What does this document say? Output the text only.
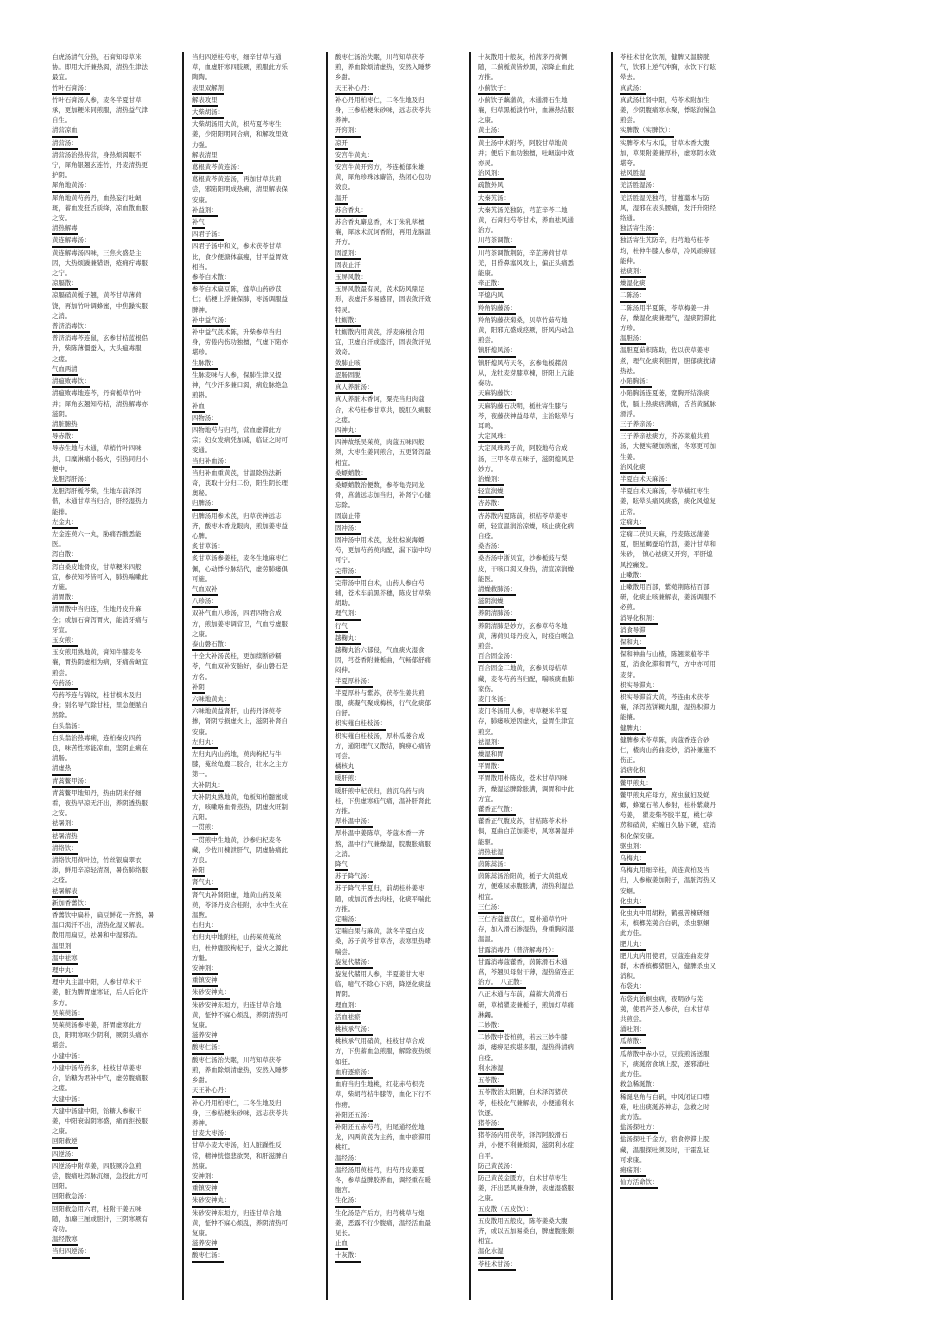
白虎汤清气分热，石膏知母草米
协。即用大汗兼热渴，清热生津法
最宜。
竹叶石膏汤：
竹叶石膏汤人参，麦冬半夏甘草
承，更加粳米同煎服，清热益气津
自生。
清营凉血
清营汤：
清营汤治热传营，身热烦渴眠不
宁，犀角银翘玄连竹，丹麦清热更
护阴。
犀角地黄汤：
犀角地黄芍药丹，血热妄行吐衄
斑，蓄血发狂舌质绛，凉血散血服
之安。
清热解毒
黄连解毒汤：
黄连解毒汤四味，三焦火盛是主
因，大热烦躁兼错语，疮痈疔毒服
之宁。
凉膈散：
凉膈硝黄栀子翘，黄芩甘草薄荷
饶，再加竹叶调蜂蜜，中焦躁实服
之消。
普济消毒饮：
普济消毒芩连鼠，玄参甘桔蓝根侣
升，柴陈薄僵蚕入，大头瘟毒服
之瘥。
气血两清
清瘟败毒饮：
清瘟败毒地连芩，丹膏栀草竹叶
并；犀角玄翘知芍桔，清热解毒亦
滋阴。
清脏腑热
导赤散：
导赤生地与木通，草梢竹叶四味
共，口糜淋痛小肠火，引热同归小
便中。
龙胆泻肝汤：
龙胆泻肝栀芩柴，生地车前泽泻
偕，木通甘草当归合，肝经湿热力
能排。
左金丸：
左金连萸六一丸，胁痛吞酸悉能
医。
泻白散：
泻白桑皮地骨皮，甘草粳米四般
宜，参茯知芩皆可入，肺热喘嗽此
方施。
清胃散：
清胃散中当归连，生地丹皮升麻
全；或加石膏泻胃火，能消牙痛与
牙宣。
玉女煎：
玉女煎用熟地黄，膏知牛膝麦冬
襄，胃热阴虚相为病，牙痛齿衄宜
煎尝。
芍药汤：
芍药芩连与锦纹，桂甘槟木及归
身；别名导气除甘桂，里急便脓自
然除。
白头翁汤：
白头翁治热毒痢，连柏秦皮四药
良，味苦性寒能凉血，坚阴止痢在
清肠。
清虚热
青蒿鳖甲汤：
青蒿鳖甲地知丹，热由阴来仔细
看，夜热早凉无汗出，养阴透热服
之安。
祛暑剂：
祛暑清热
清络饮：
清络饮用荷叶边，竹丝银扁翠衣
添，鲜用辛凉轻清剂，暑伤肺络服
之痊。
祛暑解表
新加香薷饮：
香薷饮中扁朴，扁豆鲜花一齐熬，暑
温口渴汗不出，清热化湿又解表。
散用用扁豆，祛暑和中湿邪消。
温里剂
温中祛寒
理中丸：
理中丸主温中阳，人参甘草术干
姜，脏为脾胃虚寒证，后人后化许
多方。
吴茱萸汤：
吴茱萸汤参枣姜，肝胃虚寒此方
良，阳明寒呕少阴利，厥阴头痛亦
堪尝。
小建中汤：
小建中汤芍药多，桂枝甘草姜枣
合，饴糖为君补中气，虚劳腹痛服
之瘥。
大建中汤：
大建中汤建中阳，饴糖人参椒干
姜，中阳衰弱阴寒盛，痛而拒按服
之康。
回阳救逆
四逆汤：
四逆汤中附草姜，四肢厥冷急煎
尝，腹痛吐泻脉沉细，急投此方可
回阳。
回阳救急汤：
回阳救急用六君，桂附干姜五味
随，加麝三厘或胆汁，三阴寒厥有
奇功。
温经散寒
当归四逆汤：
当归四逆桂芍枣，细辛甘草与通
草，血虚肝寒四肢厥，煎服此方乐
陶陶。
表里双解剂
解表攻里
大柴胡汤：
大柴胡汤用大黄，枳芍夏芩枣生
姜，少阳阳明同合病，和解攻里效
力强。
解表清里
葛根黄芩黄连汤：
葛根黄芩黄连汤，再加甘草共煎
尝，邪陷阳明成热痢，清里解表保
安康。
补益剂：
补气
四君子汤：
四君子汤中和义，参术茯苓甘草
比，食少便溏体羸瘦，甘平益胃效
相当。
参苓白术散：
参苓白术扁豆陈，莲草山药砂苡
仁；桔梗上浮兼保肺，枣汤调服益
脾神。
补中益气汤：
补中益气芪术陈，升柴参草当归
身，劳倦内伤功独擅，气虚下陷亦
堪珍。
生脉散：
生脉麦味与人参，保肺生津又提
神，气少汗多兼口渴，病危脉绝急
煎斟。
补血
四物汤：
四物地芍与归芎，营血虚滞此方
宗；妇女发病凭加减，临证之时可
变通。
当归补血汤：
当归补血重黄芪，甘温除热法新
奇，芪取十分归二份，阳生阴长理
奥秘。
归脾汤：
归脾汤用参术芪，归草茯神远志
齐，酸枣木香龙眼肉，煎加姜枣益
心脾。
炙甘草汤：
炙甘草汤参姜桂，麦冬生地麻枣仁
佩，心动悸兮脉结代，虚劳肺痿俱
可施。
气血双补
八珍汤：
双补气血八珍汤，四君四物合成
方，煎加姜枣调营卫，气血亏虚服
之康。
泰山磐石散：
十全大补汤芪桂，更加续断砂糯
苓，气血双补安胎好，泰山磐石是
方名。
补阴
六味地黄丸：
六味地黄益肾肝，山药丹泽萸苓
掺，肾阴亏损虚火上，滋阴补肾自
安康。
左归丸：
左归丸内山药地，萸肉枸杞与牛
膝，菟丝龟鹿二胶合，壮水之主方
第一。
大补阴丸：
大补阴丸熟地黄，龟板知柏髓蜜成
方，咳嗽咯血骨蒸热，阴虚火旺制
亢阳。
一贯煎：
一贯煎中生地黄，沙参归杞麦冬
藏，少佐川楝泄肝气，阴虚胁痛此
方良。
补阳
肾气丸：
肾气丸补肾阳虚，地黄山药及茱
萸，苓泽丹皮合桂附，水中生火在
温煦。
右归丸：
右归丸中地附桂，山药茱萸菟丝
归，杜仲鹿胶枸杞子，益火之源此
方魁。
安神剂：
重镇安神
朱砂安神丸：
朱砂安神东垣方，归连甘草合地
黄，怔忡不寐心烦乱，养阴清热可
复康。
滋养安神
酸枣仁汤：
酸枣仁汤治失眠，川芎知草茯苓
煎，养血除烦清虚热，安然入睡梦
乡甜。
天王补心丹：
补心丹用柏枣仁，二冬生地及归
身，三参桔梗朱砂味，远志茯苓共
养神。
甘麦大枣汤：
甘草小麦大枣汤，妇人脏躁性反
常，精神恍惚悲欲哭，和肝滋脾自
然康。
安神剂：
重镇安神
朱砂安神丸：
朱砂安神东垣方，归连甘草合地
黄，怔忡不寐心烦乱，养阴清热可
复康。
滋养安神
酸枣仁汤：
酸枣仁汤治失眠，川芎知草茯苓
煎，养血除烦清虚热，安然入睡梦
乡甜。
天王补心丹：
补心丹用柏枣仁，二冬生地及归
身，三参桔梗朱砂味，远志茯苓共
养神。
开窍剂：
凉开
安宫牛黄丸：
安宫牛黄开窍方，芩连栀郁朱雄
黄，犀角珍珠冰麝箔，热闭心包功
效良。
温开
苏合香丸：
苏合香丸麝息香，木丁朱乳荜檀
襄，犀冰术沉诃香附，再用龙脑温
开方。
固涩剂：
固表止汗
玉屏风散：
玉屏风散最有灵，芪术防风鼎足
形，表虚汗多易感冒，固表敛汗效
特灵。
牡蛎散：
牡蛎散内用黄芪，浮麦麻根合用
宜，卫虚自汗或盗汗，固表敛汗见
效奇。
敛肺止咳
涩肠固脱
真人养脏汤：
真人养脏木香诃，粟壳当归肉蔻
合，术芍桂参甘草共，脱肛久痢服
之瘥。
四神丸：
四神故纸吴茱萸，肉蔻五味四般
须，大枣生姜同煎合，五更肾泻最
相宜。
桑螵蛸散：
桑螵蛸散治便数，参苓龟壳同龙
骨，菖蒲远志加当归，补肾宁心健
忘除。
固崩止带
固冲汤：
固冲汤中用术芪，龙牡棕炭海螵
芍，更加芍药萸肉配，漏下崩中均
可宁。
完带汤：
完带汤中用白术，山药人参白芍
辅，苍术车前黑芥穗，陈皮甘草柴
胡助。
理气剂：
行气
越鞠丸：
越鞠丸治六郁侵，气血痰火湿食
因，芎苍香附兼栀曲，气畅郁舒痛
闷伸。
半夏厚朴汤：
半夏厚朴与紫苏，茯苓生姜共煎
服，痰凝气聚成梅核，行气化痰郁
自舒。
枳实薤白桂枝汤：
枳实薤白桂枝汤，厚朴瓜蒌合成
方，通阳理气又散结，胸痹心痛皆
可尝。
橘核丸
暖肝煎：
暖肝煎中杞茯归，茴沉乌药与肉
桂，下焦虚寒疝气痛，温补肝肾此
方推。
厚朴温中汤：
厚朴温中姜陈草，苓蔻木香一齐
熬，温中行气兼燥湿，脘腹胀痛服
之消。
降气
苏子降气汤：
苏子降气半夏归，前胡桂朴姜枣
随，或加沉香去肉桂，化痰平喘此
方推。
定喘汤：
定喘白果与麻黄，款冬半夏白皮
桑，苏子黄芩甘草杏，表寒里热哮
喘尝。
旋复代赭汤：
旋复代赭用人参，半夏姜甘大枣
临，噫气不除心下痞，降逆化痰益
胃阴。
理血剂：
活血祛瘀
桃核承气汤：
桃核承气用硝黄，桂枝甘草合成
方，下焦蓄血急煎服，解除夜热烦
如狂。
血府逐瘀汤：
血府当归生地桃，红花赤芍枳壳
草，柴胡芎桔牛膝等，血化下行不
作痨。
补阳还五汤：
补阳还五赤芍芎，归尾通经佐地
龙，四两黄芪为主药，血中瘀滞用
桃红。
温经汤：
温经汤用萸桂芎，归芍丹皮姜夏
冬，参草益脾胶养血，调经重在暖
胞宫。
生化汤：
生化汤是产后方，归芎桃草与炮
姜，恶露不行少腹痛，温经活血最
见长。
止血
十灰散：
十灰散用十般灰，柏茜茅丹荷侧
随，二蓟栀黄皆炒黑，凉降止血此
方推。
小蓟饮子：
小蓟饮子藕蒲黄，木通滑石生地
襄，归草黑栀淡竹叶，血淋热结服
之康。
黄土汤：
黄土汤中术附芩，阿胶甘草地黄
并；便后下血功独擅，吐衄崩中效
亦灵。
治风剂：
疏散外风
大秦艽汤：
大秦艽汤羌独防，芎芷辛芩二地
黄，石膏归芍苓甘术，养血祛风通
治方。
川芎茶调散：
川芎茶调散荆防，辛芷薄荷甘草
羌，目昏鼻塞风攻上，偏正头痛悉
能康。
牵正散：
平熄内风
羚角钩藤汤：
羚角钩藤茯菊桑，贝草竹茹芍地
黄，阳邪亢盛成痉厥，肝风内动急
煎尝。
镇肝熄风汤：
镇肝熄风芍天冬，玄参龟板赭茵
从，龙牡麦芽膝草楝，肝阳上亢能
奏功。
天麻钩藤饮：
天麻钩藤石决明，栀杜寄生膝与
芩，夜藤茯神益母草，主治眩晕与
耳鸣。
大定风珠：
大定风珠鸡子黄，阿胶地芍合成
汤，三甲冬草五味子，滋阴熄风是
妙方。
治燥剂：
轻宣润燥
杏苏散：
杏苏散内夏陈前，枳桔苓草姜枣
研，轻宣温润治凉燥，咳止痰化病
自痊。
桑杏汤：
桑杏汤中浙贝宜，沙参栀豉与梨
皮，干咳口渴又身热，清宣凉润燥
能医。
清燥救肺汤：
滋阴润燥
养阴清肺汤：
养阴清肺是妙方，玄参草芍冬地
黄，薄荷贝母丹皮入，时疫白喉急
煎尝。
百合固金汤：
百合固金二地黄，玄参贝母桔草
藏，麦冬芍药当归配，喘咳痰血肺
家伤。
麦门冬汤：
麦门冬汤用人参，枣草粳米半夏
存，肺痿咳逆因虚火，益胃生津宜
煎烹。
祛湿剂：
燥湿和胃
平胃散：
平胃散用朴陈皮，苍术甘草四味
齐，燥湿运脾除胀满，调胃和中此
方宜。
藿香正气散：
藿香正气腹皮苏，甘桔陈苓术朴
俱，夏曲白芷加姜枣，风寒暑湿并
能驱。
清热祛湿
茵陈蒿汤：
茵陈蒿汤治阳黄，栀子大黄组成
方，便难尿赤腹胀满，清热利湿总
相宜。
三仁汤：
三仁杏蔻薏苡仁，夏朴通草竹叶
存，加入滑石渗湿热，身重胸闷湿
温温。
甘露消毒丹（普济解毒丹）：
甘露消毒蔻藿香，茵陈滑石木通
菖，芩翘贝母射干薄，湿热留连正
治方。　八正散：
八正木通与车前，萹蓄大黄滑石
研，草梢瞿麦兼栀子，煎加灯草痛
淋蠲。
二妙散：
二妙散中苍柏煎，若云三妙牛膝
添，痿痹足疾堪多服，湿热得清病
自痊。
利水渗湿
五苓散：
五苓散治太阳腑，白术泽泻猪茯
苓，桂枝化气兼解表，小便通利水
饮逐。
猪苓汤：
猪苓汤内用茯苓，泽泻阿胶滑石
并，小便不利兼烦渴，滋阴利水症
自平。
防己黄芪汤：
防己黄芪金匮方，白术甘草枣生
姜，汗出恶风兼身肿，表虚湿盛服
之康。
五皮散（五皮饮）：
五皮散用五般皮，陈苓姜桑大腹
齐，或以五加易桑白，脾虚腹胀颇
相宜。
温化水湿
苓桂术甘汤：
苓桂术甘化饮剂，健脾又温膀胱
气，饮邪上逆气冲胸，水饮下行眩
晕去。
真武汤：
真武汤壮肾中阳，芍苓术附加生
姜，少阴腹痛寒水聚，悸眩润惕急
煎尝。
实脾散（实脾饮）：
实脾苓术与木瓜，甘草木香大腹
加，草果附姜兼厚朴，虚寒阴水效
堪夸。
祛风胜湿
羌活胜湿汤：
羌活胜湿羌独芎，甘蔓藁本与防
风，湿邪在表头腰痛，发汗升阳经
络通。
独活寄生汤：
独活寄生艽防辛，归芎地芍桂苓
均，杜仲牛膝人参草，冷风顽痹屈
能伸。
祛痰剂：
燥湿化痰
二陈汤：
二陈汤用半夏陈，苓草梅姜一并
存，燥湿化痰兼理气，湿痰阴滞此
方珍。
温胆汤：
温胆夏茹枳陈助，佐以茯草姜枣
煮，理气化痰利胆胃，胆郁痰扰诸
热祛。
小陷胸汤：
小陷胸汤连夏萎，宽胸开结涤痰
优，膈上热痰痞满痛，舌苔黄腻脉
滑浮。
三子养亲汤：
三子养亲祛痰方，芥苏莱菔共煎
汤，大便实硬加熟蜜，冬寒更可加
生姜。
治风化痰
半夏白术天麻汤：
半夏白术天麻汤，苓草橘红枣生
姜，眩晕头痛风痰盛，痰化风熄复
正常。
定痫丸：
定痫二茯贝天麻，丹麦陈远蒲姜
夏，胆星蝎蚕珀竹沥，姜汁甘草和
朱砂，　镇心祛痰又开窍，平肝熄
风控癫发。
止嗽散：
止嗽散用百部，紫菀荆陈桔百部
研，化痰止咳兼解表，姜汤调服不
必煎。
消导化积剂：
消食导滞
保和丸：
保和神曲与山楂，陈翘莱菔苓半
夏，消食化滞和胃气，方中亦可用
麦芽。
枳实导滞丸：
枳实导滞首大黄，芩连曲术茯苓
襄，泽泻蒸饼糊丸服，湿热积滞力
能攘。
健脾丸：
健脾参术苓草陈，肉蔻香连合砂
仁，楂肉山药曲麦炒，消补兼施不
伤正。
消痞化积
鳖甲煎丸：
鳖甲煎丸疟母方，庶虫鼠妇及蜣
螂，蜂窠石苇人参射，桂朴紫葳丹
芍姜，　瞿麦柴芩胶半夏，桃仁葶
苈和硝黄，疟缠日久胁下硬，症消
积化保安康。
驱虫剂：
乌梅丸：
乌梅丸用细辛桂，黄连黄柏及当
归，人参椒姜加附子，温脏泻热又
安蛔。
化虫丸：
化虫丸中用胡粉，鹤虱苦楝研细
末，槟榔芜荑合白矾，杀虫驱蛔
此方佳。
肥儿丸：
肥儿丸内用使君，豆蔻连曲麦芽
群，木香槟榔猪胆入，健脾杀虫又
消积。
布袋丸：
布袋丸治蛔虫病，夜明砂与芜
荑，使君芦荟人参茯，白术甘草
共煎尝。
涌吐剂：
瓜蒂散：
瓜蒂散中赤小豆，豆豉煎汤送服
下，痰涎宿食填上脘，逐邪涌吐
此方佳。
救急稀涎散：
稀涎皂角与白矾，中风闭证口噤
难，吐出痰涎苏神志，急救之时
此方选。
盐汤探吐方：
盐汤探吐千金方，宿食停滞上脘
藏，温服探吐须及时，干霍乱证
可求康。
痈疡剂：
仙方活命饮：
